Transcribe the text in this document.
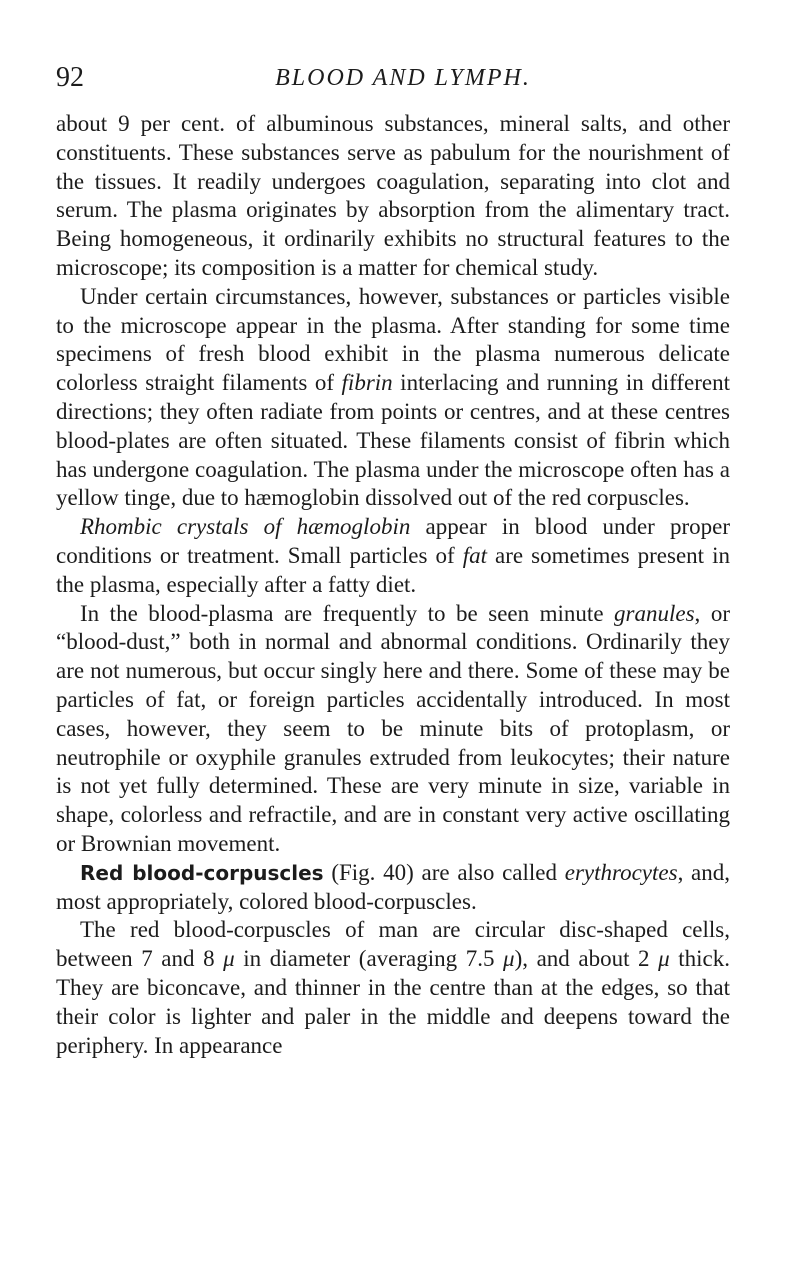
92	BLOOD AND LYMPH.

about 9 per cent. of albuminous substances, mineral salts, and other constituents. These substances serve as pabulum for the nourishment of the tissues. It readily undergoes coagulation, separating into clot and serum. The plasma originates by absorption from the alimentary tract. Being homogeneous, it ordinarily exhibits no structural features to the microscope; its composition is a matter for chemical study.

Under certain circumstances, however, substances or particles visible to the microscope appear in the plasma. After standing for some time specimens of fresh blood exhibit in the plasma numerous delicate colorless straight filaments of fibrin interlacing and running in different directions; they often radiate from points or centres, and at these centres blood-plates are often situated. These filaments consist of fibrin which has undergone coagulation. The plasma under the microscope often has a yellow tinge, due to hæmoglobin dissolved out of the red corpuscles.

Rhombic crystals of hæmoglobin appear in blood under proper conditions or treatment. Small particles of fat are sometimes present in the plasma, especially after a fatty diet.

In the blood-plasma are frequently to be seen minute granules, or “blood-dust,” both in normal and abnormal conditions. Ordinarily they are not numerous, but occur singly here and there. Some of these may be particles of fat, or foreign particles accidentally introduced. In most cases, however, they seem to be minute bits of protoplasm, or neutrophile or oxyphile granules extruded from leukocytes; their nature is not yet fully determined. These are very minute in size, variable in shape, colorless and refractile, and are in constant very active oscillating or Brownian movement.

Red blood-corpuscles (Fig. 40) are also called erythrocytes, and, most appropriately, colored blood-corpuscles.

The red blood-corpuscles of man are circular disc-shaped cells, between 7 and 8 μ in diameter (averaging 7.5 μ), and about 2 μ thick. They are biconcave, and thinner in the centre than at the edges, so that their color is lighter and paler in the middle and deepens toward the periphery. In appearance
